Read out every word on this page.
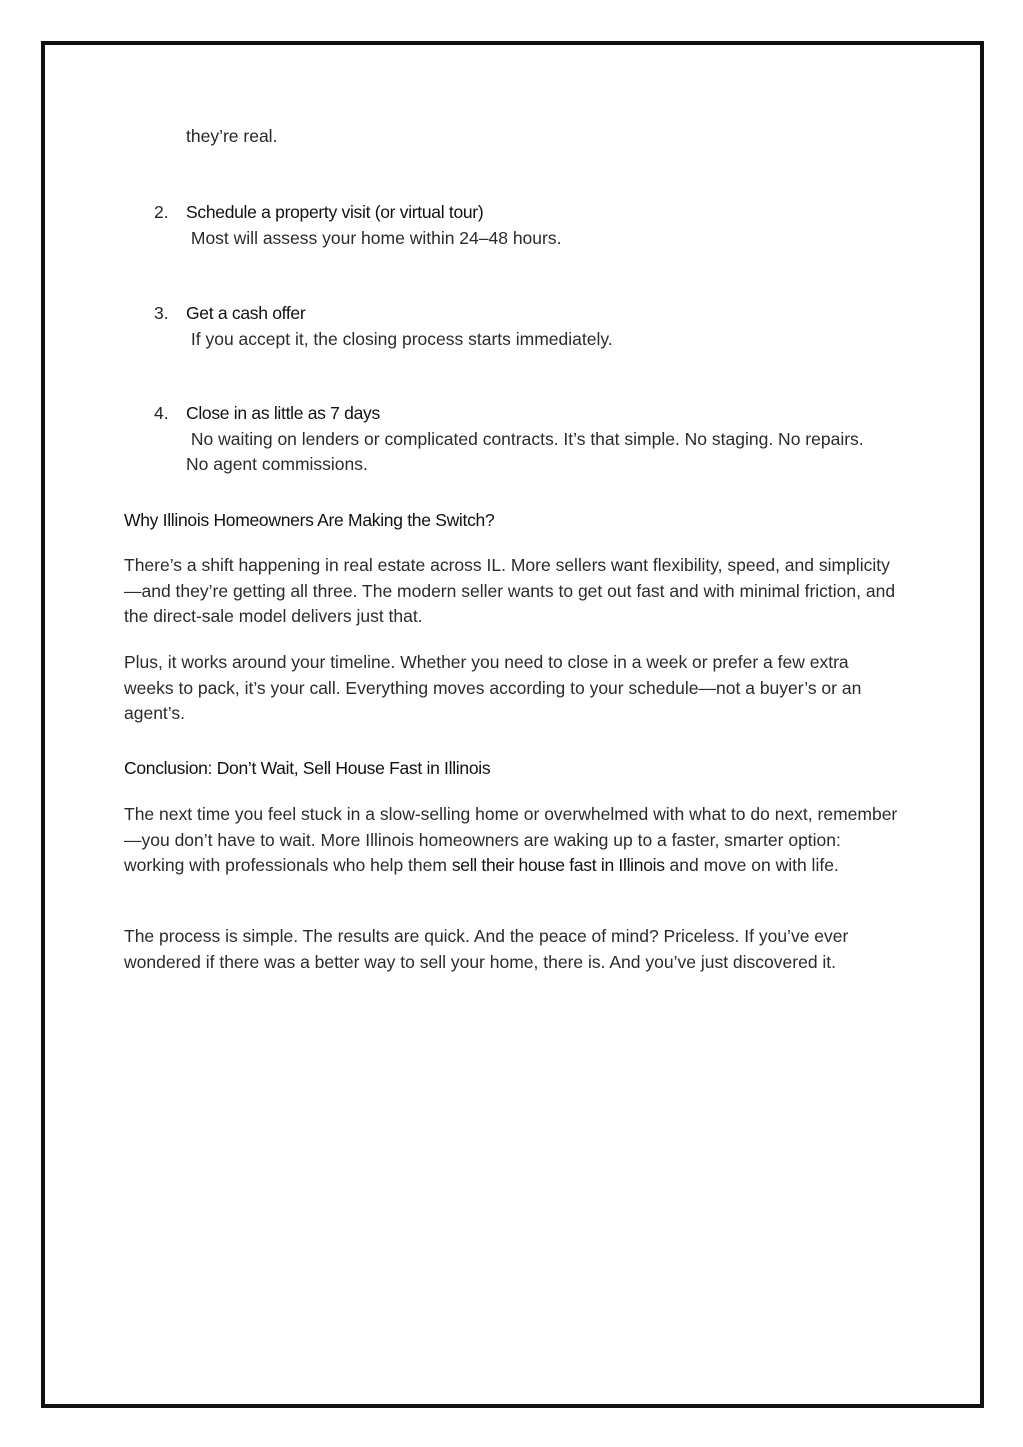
they’re real.
2. Schedule a property visit (or virtual tour)
Most will assess your home within 24–48 hours.
3. Get a cash offer
If you accept it, the closing process starts immediately.
4. Close in as little as 7 days
No waiting on lenders or complicated contracts. It’s that simple. No staging. No repairs. No agent commissions.
Why Illinois Homeowners Are Making the Switch?
There’s a shift happening in real estate across IL. More sellers want flexibility, speed, and simplicity—and they’re getting all three. The modern seller wants to get out fast and with minimal friction, and the direct-sale model delivers just that.
Plus, it works around your timeline. Whether you need to close in a week or prefer a few extra weeks to pack, it’s your call. Everything moves according to your schedule—not a buyer’s or an agent’s.
Conclusion: Don’t Wait, Sell House Fast in Illinois
The next time you feel stuck in a slow-selling home or overwhelmed with what to do next, remember—you don’t have to wait. More Illinois homeowners are waking up to a faster, smarter option: working with professionals who help them sell their house fast in Illinois and move on with life.
The process is simple. The results are quick. And the peace of mind? Priceless. If you’ve ever wondered if there was a better way to sell your home, there is. And you’ve just discovered it.
